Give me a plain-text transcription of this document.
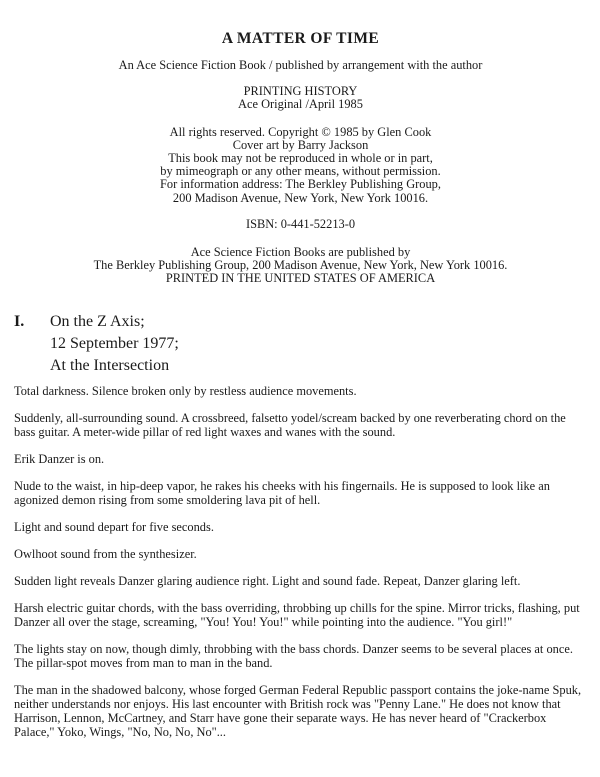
A MATTER OF TIME
An Ace Science Fiction Book / published by arrangement with the author
PRINTING HISTORY
Ace Original /April 1985
All rights reserved. Copyright © 1985 by Glen Cook
Cover art by Barry Jackson
This book may not be reproduced in whole or in part,
by mimeograph or any other means, without permission.
For information address: The Berkley Publishing Group,
200 Madison Avenue, New York, New York 10016.
ISBN: 0-441-52213-0
Ace Science Fiction Books are published by
The Berkley Publishing Group, 200 Madison Avenue, New York, New York 10016.
PRINTED IN THE UNITED STATES OF AMERICA
I.	On the Z Axis;
12 September 1977;
At the Intersection

Total darkness. Silence broken only by restless audience movements.

Suddenly, all-surrounding sound. A crossbreed, falsetto yodel/scream backed by one reverberating chord on the bass guitar. A meter-wide pillar of red light waxes and wanes with the sound.

Erik Danzer is on.

Nude to the waist, in hip-deep vapor, he rakes his cheeks with his fingernails. He is supposed to look like an agonized demon rising from some smoldering lava pit of hell.

Light and sound depart for five seconds.

Owlhoot sound from the synthesizer.

Sudden light reveals Danzer glaring audience right. Light and sound fade. Repeat, Danzer glaring left.

Harsh electric guitar chords, with the bass overriding, throbbing up chills for the spine. Mirror tricks, flashing, put Danzer all over the stage, screaming, "You! You! You!" while pointing into the audience. "You girl!"

The lights stay on now, though dimly, throbbing with the bass chords. Danzer seems to be several places at once. The pillar-spot moves from man to man in the band.

The man in the shadowed balcony, whose forged German Federal Republic passport contains the joke-name Spuk, neither understands nor enjoys. His last encounter with British rock was "Penny Lane." He does not know that Harrison, Lennon, McCartney, and Starr have gone their separate ways. He has never heard of "Crackerbox Palace," Yoko, Wings, "No, No, No, No"...
